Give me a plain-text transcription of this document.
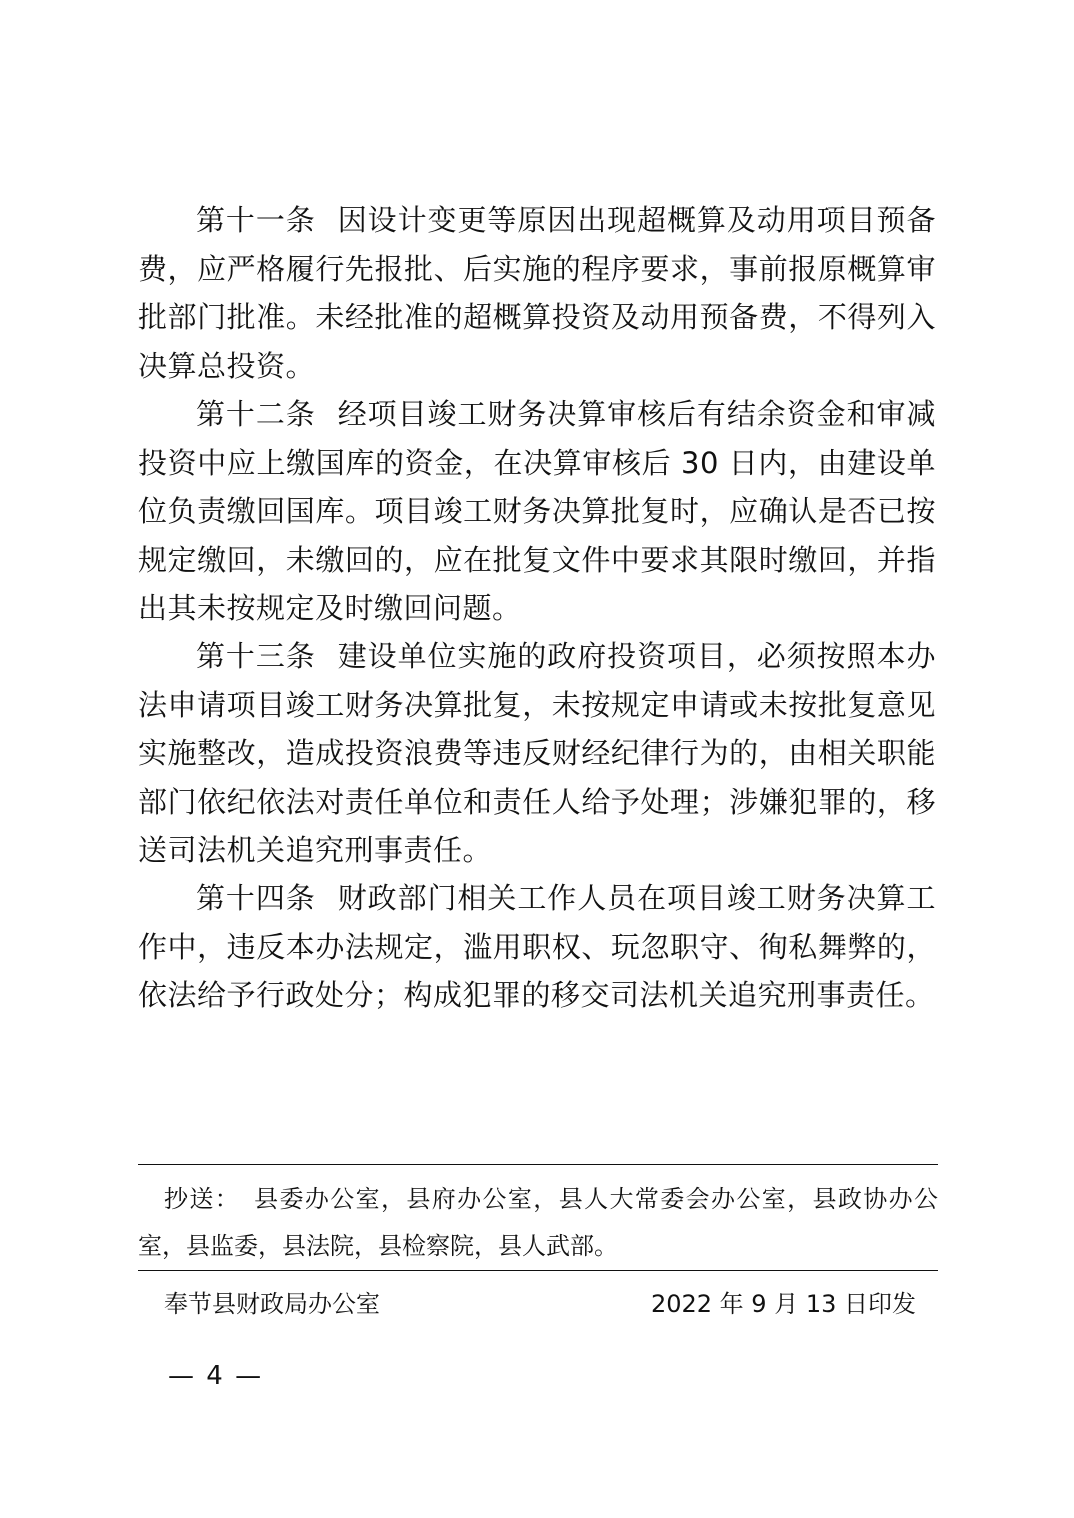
第十一条 因设计变更等原因出现超概算及动用项目预备费，应严格履行先报批、后实施的程序要求，事前报原概算审批部门批准。未经批准的超概算投资及动用预备费，不得列入决算总投资。

第十二条 经项目竣工财务决算审核后有结余资金和审减投资中应上缴国库的资金，在决算审核后 30 日内，由建设单位负责缴回国库。项目竣工财务决算批复时，应确认是否已按规定缴回，未缴回的，应在批复文件中要求其限时缴回，并指出其未按规定及时缴回问题。

第十三条 建设单位实施的政府投资项目，必须按照本办法申请项目竣工财务决算批复，未按规定申请或未按批复意见实施整改，造成投资浪费等违反财经纪律行为的，由相关职能部门依纪依法对责任单位和责任人给予处理；涉嫌犯罪的，移送司法机关追究刑事责任。

第十四条 财政部门相关工作人员在项目竣工财务决算工作中，违反本办法规定，滥用职权、玩忽职守、徇私舞弊的，依法给予行政处分；构成犯罪的移交司法机关追究刑事责任。

抄送： 县委办公室，县府办公室，县人大常委会办公室，县政协办公室，县监委，县法院，县检察院，县人武部。

奉节县财政局办公室	2022 年 9 月 13 日印发
— 4 —
